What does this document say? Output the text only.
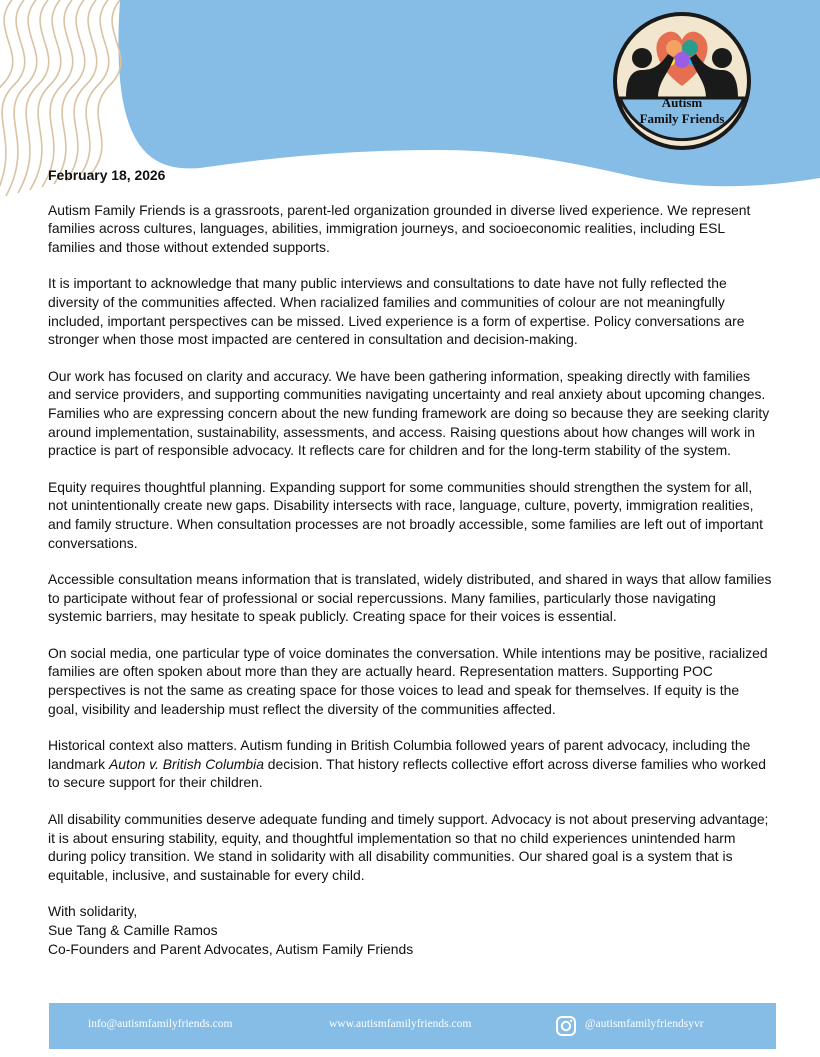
Autism
Family Friends
February 18, 2026

Autism Family Friends is a grassroots, parent-led organization grounded in diverse lived experience. We represent families across cultures, languages, abilities, immigration journeys, and socioeconomic realities, including ESL families and those without extended supports.

It is important to acknowledge that many public interviews and consultations to date have not fully reflected the diversity of the communities affected. When racialized families and communities of colour are not meaningfully included, important perspectives can be missed. Lived experience is a form of expertise. Policy conversations are stronger when those most impacted are centered in consultation and decision-making.

Our work has focused on clarity and accuracy. We have been gathering information, speaking directly with families and service providers, and supporting communities navigating uncertainty and real anxiety about upcoming changes. Families who are expressing concern about the new funding framework are doing so because they are seeking clarity around implementation, sustainability, assessments, and access. Raising questions about how changes will work in practice is part of responsible advocacy. It reflects care for children and for the long-term stability of the system.

Equity requires thoughtful planning. Expanding support for some communities should strengthen the system for all, not unintentionally create new gaps. Disability intersects with race, language, culture, poverty, immigration realities, and family structure. When consultation processes are not broadly accessible, some families are left out of important conversations.

Accessible consultation means information that is translated, widely distributed, and shared in ways that allow families to participate without fear of professional or social repercussions. Many families, particularly those navigating systemic barriers, may hesitate to speak publicly. Creating space for their voices is essential.

On social media, one particular type of voice dominates the conversation. While intentions may be positive, racialized families are often spoken about more than they are actually heard. Representation matters. Supporting POC perspectives is not the same as creating space for those voices to lead and speak for themselves. If equity is the goal, visibility and leadership must reflect the diversity of the communities affected.

Historical context also matters. Autism funding in British Columbia followed years of parent advocacy, including the landmark Auton v. British Columbia decision. That history reflects collective effort across diverse families who worked to secure support for their children.

All disability communities deserve adequate funding and timely support. Advocacy is not about preserving advantage; it is about ensuring stability, equity, and thoughtful implementation so that no child experiences unintended harm during policy transition. We stand in solidarity with all disability communities. Our shared goal is a system that is equitable, inclusive, and sustainable for every child.

With solidarity,

Sue Tang & Camille Ramos

Co-Founders and Parent Advocates, Autism Family Friends

info@autismfamilyfriends.com	www.autismfamilyfriends.com	@autismfamilyfriendsyvr
